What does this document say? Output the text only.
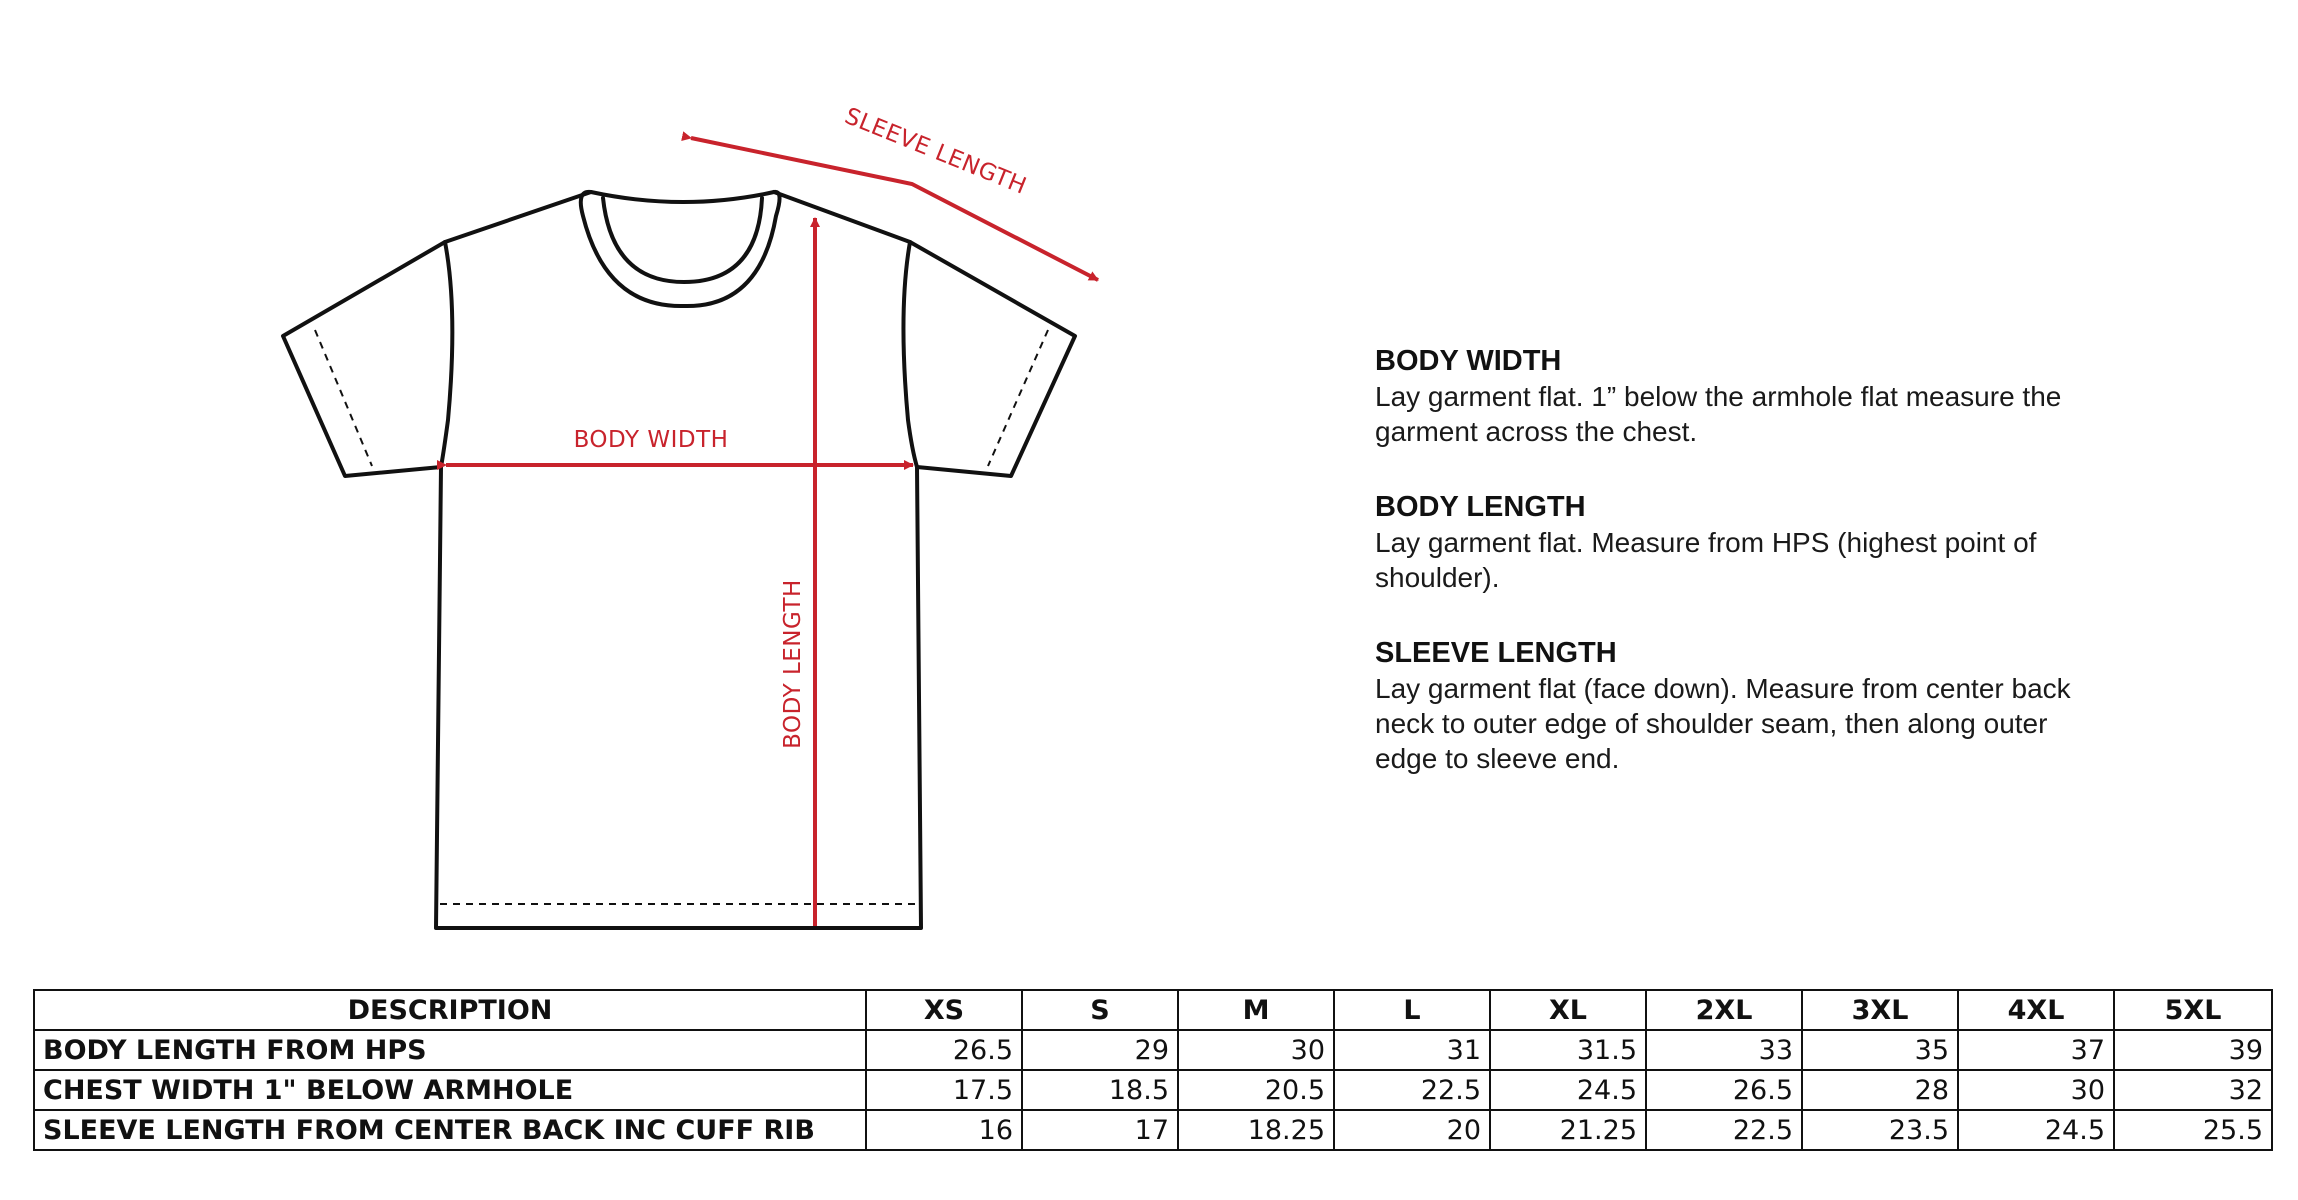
BODY WIDTH
BODY LENGTH
SLEEVE LENGTH
BODY WIDTH
Lay garment flat. 1” below the armhole flat measure the
garment across the chest.
BODY LENGTH
Lay garment flat. Measure from HPS (highest point of
shoulder).
SLEEVE LENGTH
Lay garment flat (face down). Measure from center back
neck to outer edge of shoulder seam, then along outer
edge to sleeve end.
DESCRIPTION	XS	S	M	L	XL	2XL	3XL	4XL	5XL
BODY LENGTH FROM HPS	26.5	29	30	31	31.5	33	35	37	39
CHEST WIDTH 1" BELOW ARMHOLE	17.5	18.5	20.5	22.5	24.5	26.5	28	30	32
SLEEVE LENGTH FROM CENTER BACK INC CUFF RIB	16	17	18.25	20	21.25	22.5	23.5	24.5	25.5
